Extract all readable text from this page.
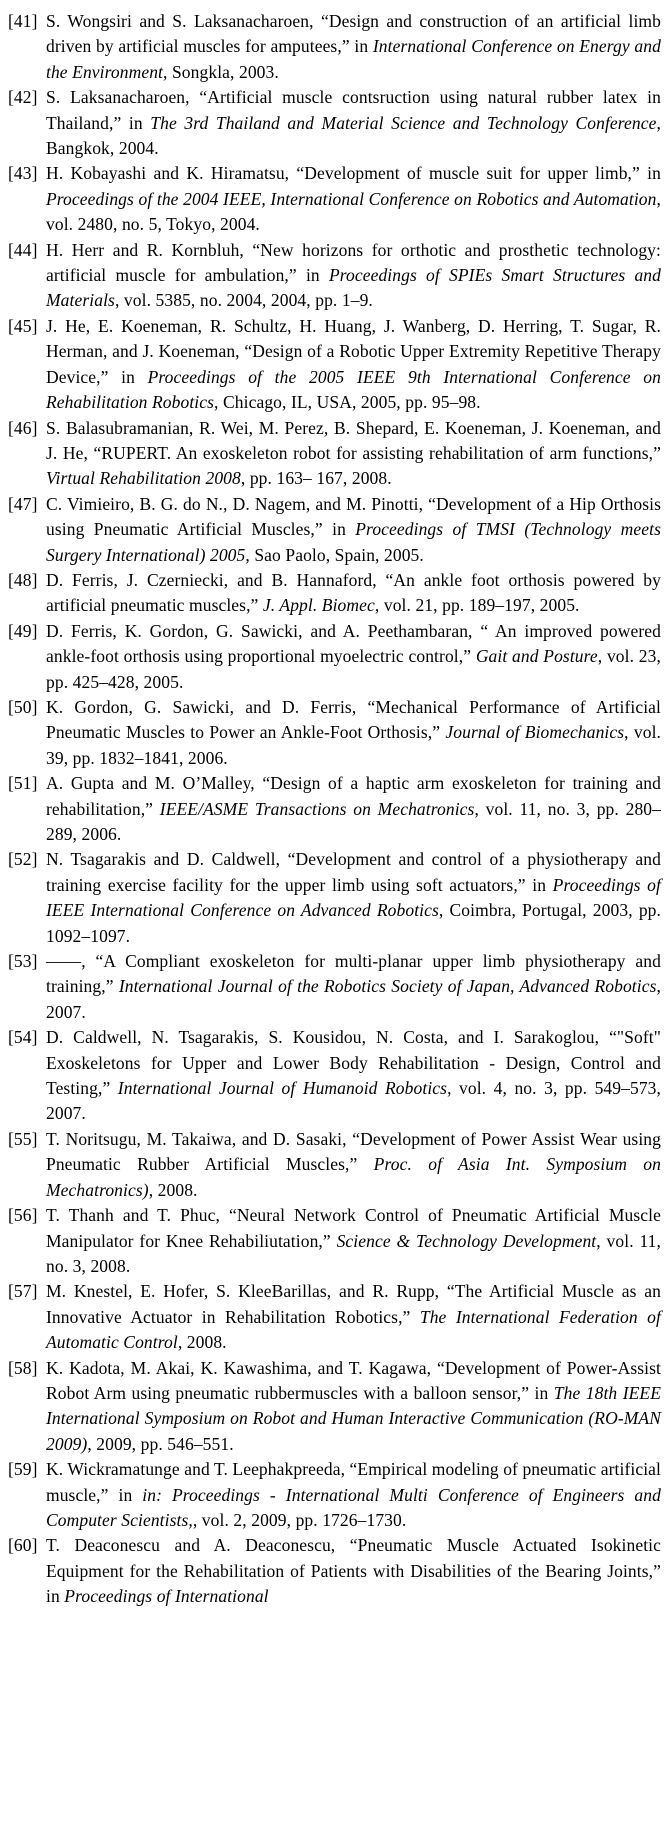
[41] S. Wongsiri and S. Laksanacharoen, “Design and construction of an artificial limb driven by artificial muscles for amputees,” in International Conference on Energy and the Environment, Songkla, 2003.
[42] S. Laksanacharoen, “Artificial muscle contsruction using natural rubber latex in Thailand,” in The 3rd Thailand and Material Science and Technology Conference, Bangkok, 2004.
[43] H. Kobayashi and K. Hiramatsu, “Development of muscle suit for upper limb,” in Proceedings of the 2004 IEEE, International Conference on Robotics and Automation, vol. 2480, no. 5, Tokyo, 2004.
[44] H. Herr and R. Kornbluh, “New horizons for orthotic and prosthetic technology: artificial muscle for ambulation,” in Proceedings of SPIEs Smart Structures and Materials, vol. 5385, no. 2004, 2004, pp. 1–9.
[45] J. He, E. Koeneman, R. Schultz, H. Huang, J. Wanberg, D. Herring, T. Sugar, R. Herman, and J. Koeneman, “Design of a Robotic Upper Extremity Repetitive Therapy Device,” in Proceedings of the 2005 IEEE 9th International Conference on Rehabilitation Robotics, Chicago, IL, USA, 2005, pp. 95–98.
[46] S. Balasubramanian, R. Wei, M. Perez, B. Shepard, E. Koeneman, J. Koeneman, and J. He, “RUPERT. An exoskeleton robot for assisting rehabilitation of arm functions,” Virtual Rehabilitation 2008, pp. 163– 167, 2008.
[47] C. Vimieiro, B. G. do N., D. Nagem, and M. Pinotti, “Development of a Hip Orthosis using Pneumatic Artificial Muscles,” in Proceedings of TMSI (Technology meets Surgery International) 2005, Sao Paolo, Spain, 2005.
[48] D. Ferris, J. Czerniecki, and B. Hannaford, “An ankle foot orthosis powered by artificial pneumatic muscles,” J. Appl. Biomec, vol. 21, pp. 189–197, 2005.
[49] D. Ferris, K. Gordon, G. Sawicki, and A. Peethambaran, “ An improved powered ankle-foot orthosis using proportional myoelectric control,” Gait and Posture, vol. 23, pp. 425–428, 2005.
[50] K. Gordon, G. Sawicki, and D. Ferris, “Mechanical Performance of Artificial Pneumatic Muscles to Power an Ankle-Foot Orthosis,” Journal of Biomechanics, vol. 39, pp. 1832–1841, 2006.
[51] A. Gupta and M. O’Malley, “Design of a haptic arm exoskeleton for training and rehabilitation,” IEEE/ASME Transactions on Mechatronics, vol. 11, no. 3, pp. 280–289, 2006.
[52] N. Tsagarakis and D. Caldwell, “Development and control of a physiotherapy and training exercise facility for the upper limb using soft actuators,” in Proceedings of IEEE International Conference on Advanced Robotics, Coimbra, Portugal, 2003, pp. 1092–1097.
[53] ——, “A Compliant exoskeleton for multi-planar upper limb physiotherapy and training,” International Journal of the Robotics Society of Japan, Advanced Robotics, 2007.
[54] D. Caldwell, N. Tsagarakis, S. Kousidou, N. Costa, and I. Sarakoglou, “"Soft" Exoskeletons for Upper and Lower Body Rehabilitation - Design, Control and Testing,” International Journal of Humanoid Robotics, vol. 4, no. 3, pp. 549–573, 2007.
[55] T. Noritsugu, M. Takaiwa, and D. Sasaki, “Development of Power Assist Wear using Pneumatic Rubber Artificial Muscles,” Proc. of Asia Int. Symposium on Mechatronics), 2008.
[56] T. Thanh and T. Phuc, “Neural Network Control of Pneumatic Artificial Muscle Manipulator for Knee Rehabiliutation,” Science & Technology Development, vol. 11, no. 3, 2008.
[57] M. Knestel, E. Hofer, S. KleeBarillas, and R. Rupp, “The Artificial Muscle as an Innovative Actuator in Rehabilitation Robotics,” The International Federation of Automatic Control, 2008.
[58] K. Kadota, M. Akai, K. Kawashima, and T. Kagawa, “Development of Power-Assist Robot Arm using pneumatic rubbermuscles with a balloon sensor,” in The 18th IEEE International Symposium on Robot and Human Interactive Communication (RO-MAN 2009), 2009, pp. 546–551.
[59] K. Wickramatunge and T. Leephakpreeda, “Empirical modeling of pneumatic artificial muscle,” in in: Proceedings - International Multi Conference of Engineers and Computer Scientists,, vol. 2, 2009, pp. 1726–1730.
[60] T. Deaconescu and A. Deaconescu, “Pneumatic Muscle Actuated Isokinetic Equipment for the Rehabilitation of Patients with Disabilities of the Bearing Joints,” in Proceedings of International
